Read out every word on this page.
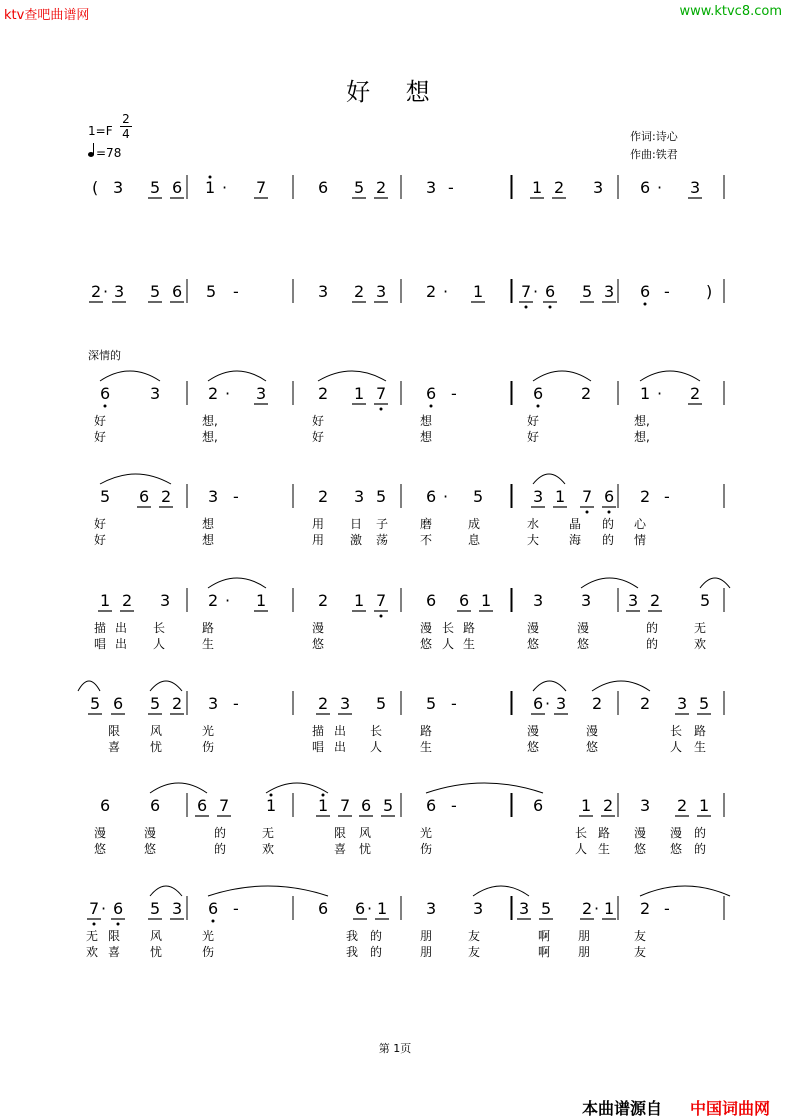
ktv查吧曲谱网	www.ktvc8.com
好 想
1=F
2
4
=78
作词:诗心
作曲:铁君
深情的
( 3 5 6 1 · 7	6 5 2 3 -	1 2 3 6 · 3
2 · 3 5 6 5 -	3 2 3 2 · 1 7 · 6 5 3 6 - )
6 3	2 · 3	2 1 7 6 -	6 2	1 · 2
好	想,	好	想	好	想,
好	想,	好	想	好	想,
5 6 2 3 -	2 3 5 6 · 5	3 1 7 6 2 -
好	想	用 日 子	磨	成	水 晶 的 心
好	想	用 激 荡	不	息	大 海 的 情
1 2 3 2 · 1	2 1 7 6 6 1	3 3 3 2 5
描 出 长	路	漫	漫 长 路	漫	漫	的	无
唱 出 人	生	悠	悠 人 生	悠	悠	的	欢
5 6 5 2 3 -	2 3 5 5 -	6 · 3 2 2 3 5
限 风	光	描 出 长	路	漫	漫	长 路
喜 忧	伤	唱 出 人	生	悠	悠	人 生
6 6 6 7 1	1 7 6 5 6 -	6 1 2 3 2 1
漫	漫	的	无	限 风	光	长 路 漫 漫 的
悠	悠	的	欢	喜 忧	伤	人 生 悠 悠 的
7 · 6 5 3 6 -	6 6 · 1 3 3 3 5 2 · 1 2 -
无 限 风	光	我 的	朋	友	啊 朋	友
欢 喜 忧	伤	我 的	朋	友	啊 朋	友
第 1页
本曲谱源自 中国词曲网
